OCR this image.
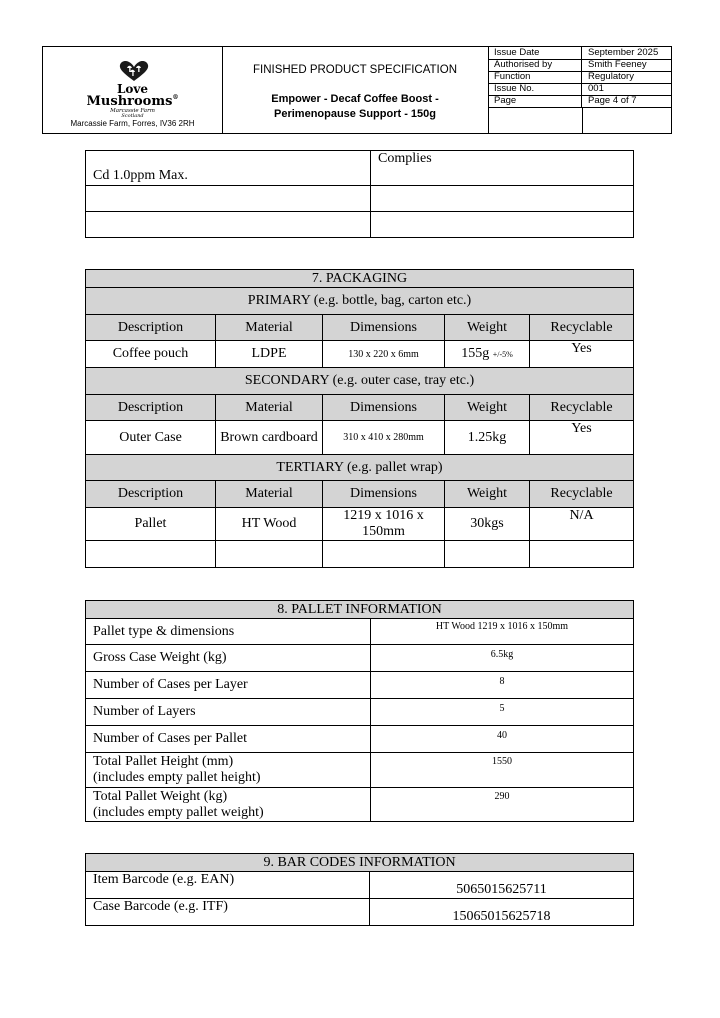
Love
Mushrooms®
Marcassie Farm
Scotland
Marcassie Farm, Forres, IV36 2RH
FINISHED PRODUCT SPECIFICATION
Empower - Decaf Coffee Boost - Perimenopause Support - 150g
Issue Date	September 2025
Authorised by	Smith Feeney
Function	Regulatory
Issue No.	001
Page	Page 4 of 7
Cd 1.0ppm Max.	Complies

7. PACKAGING				
PRIMARY (e.g. bottle, bag, carton etc.)				
Description	Material	Dimensions	Weight	Recyclable
Coffee pouch	LDPE	130 x 220 x 6mm	155g +/-5%	Yes
SECONDARY (e.g. outer case, tray etc.)				
Description	Material	Dimensions	Weight	Recyclable
Outer Case	Brown cardboard	310 x 410 x 280mm	1.25kg	Yes
TERTIARY (e.g. pallet wrap)				
Description	Material	Dimensions	Weight	Recyclable
Pallet	HT Wood	1219 x 1016 x 150mm	30kgs	N/A

8. PALLET INFORMATION	
Pallet type & dimensions	HT Wood 1219 x 1016 x 150mm
Gross Case Weight (kg)	6.5kg
Number of Cases per Layer	8
Number of Layers	5
Number of Cases per Pallet	40

Total Pallet Height (mm)
(includes empty pallet height)	1550

Total Pallet Weight (kg)
(includes empty pallet weight)	290
9. BAR CODES INFORMATION	
Item Barcode (e.g. EAN)	5065015625711
Case Barcode (e.g. ITF)	15065015625718
